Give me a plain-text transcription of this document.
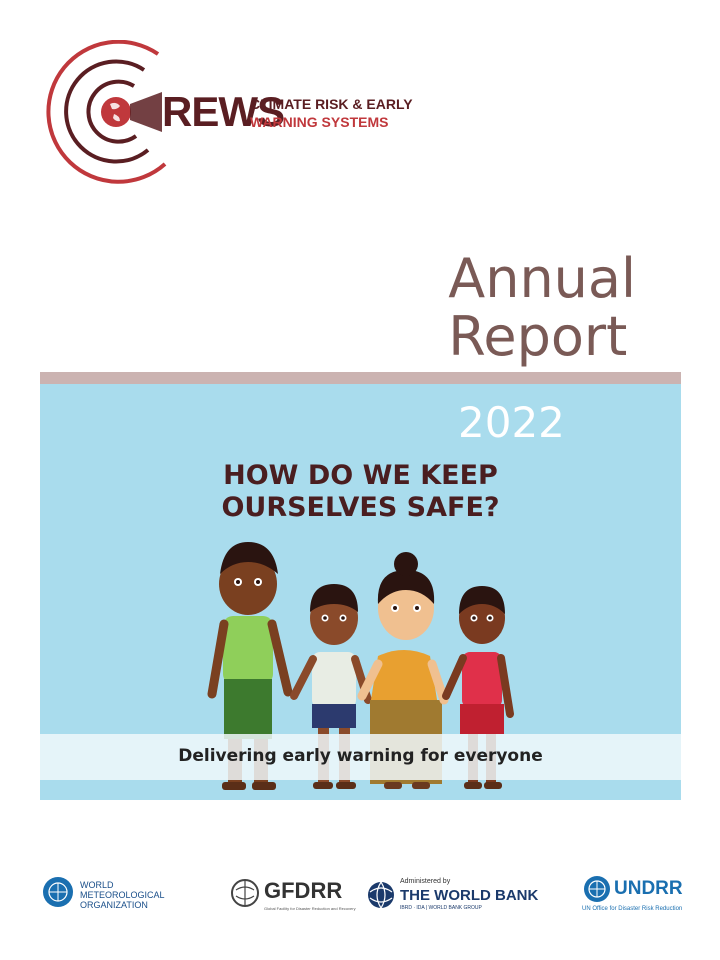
REWS
CLIMATE RISK & EARLY
WARNING SYSTEMS
Annual
Report
2022
HOW DO WE KEEP
OURSELVES SAFE?
Delivering early warning for everyone
WORLD
METEOROLOGICAL
ORGANIZATION
GFDRR
Global Facility for Disaster Reduction and Recovery
Administered by
THE WORLD BANK
IBRD · IDA | WORLD BANK GROUP
UNDRR
UN Office for Disaster Risk Reduction
